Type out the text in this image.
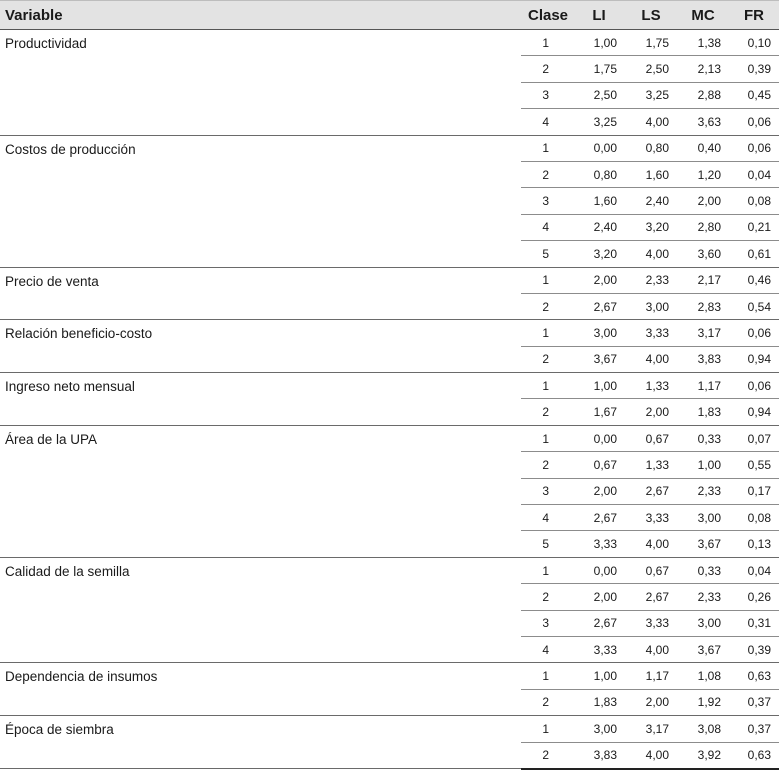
Variable	Clase	LI	LS	MC	FR
Productividad	1	1,00	1,75	1,38	0,10
	2	1,75	2,50	2,13	0,39
	3	2,50	3,25	2,88	0,45
	4	3,25	4,00	3,63	0,06
Costos de producción	1	0,00	0,80	0,40	0,06
	2	0,80	1,60	1,20	0,04
	3	1,60	2,40	2,00	0,08
	4	2,40	3,20	2,80	0,21
	5	3,20	4,00	3,60	0,61
Precio de venta	1	2,00	2,33	2,17	0,46
	2	2,67	3,00	2,83	0,54
Relación beneficio-costo	1	3,00	3,33	3,17	0,06
	2	3,67	4,00	3,83	0,94
Ingreso neto mensual	1	1,00	1,33	1,17	0,06
	2	1,67	2,00	1,83	0,94
Área de la UPA	1	0,00	0,67	0,33	0,07
	2	0,67	1,33	1,00	0,55
	3	2,00	2,67	2,33	0,17
	4	2,67	3,33	3,00	0,08
	5	3,33	4,00	3,67	0,13
Calidad de la semilla	1	0,00	0,67	0,33	0,04
	2	2,00	2,67	2,33	0,26
	3	2,67	3,33	3,00	0,31
	4	3,33	4,00	3,67	0,39
Dependencia de insumos	1	1,00	1,17	1,08	0,63
	2	1,83	2,00	1,92	0,37
Época de siembra	1	3,00	3,17	3,08	0,37
	2	3,83	4,00	3,92	0,63
